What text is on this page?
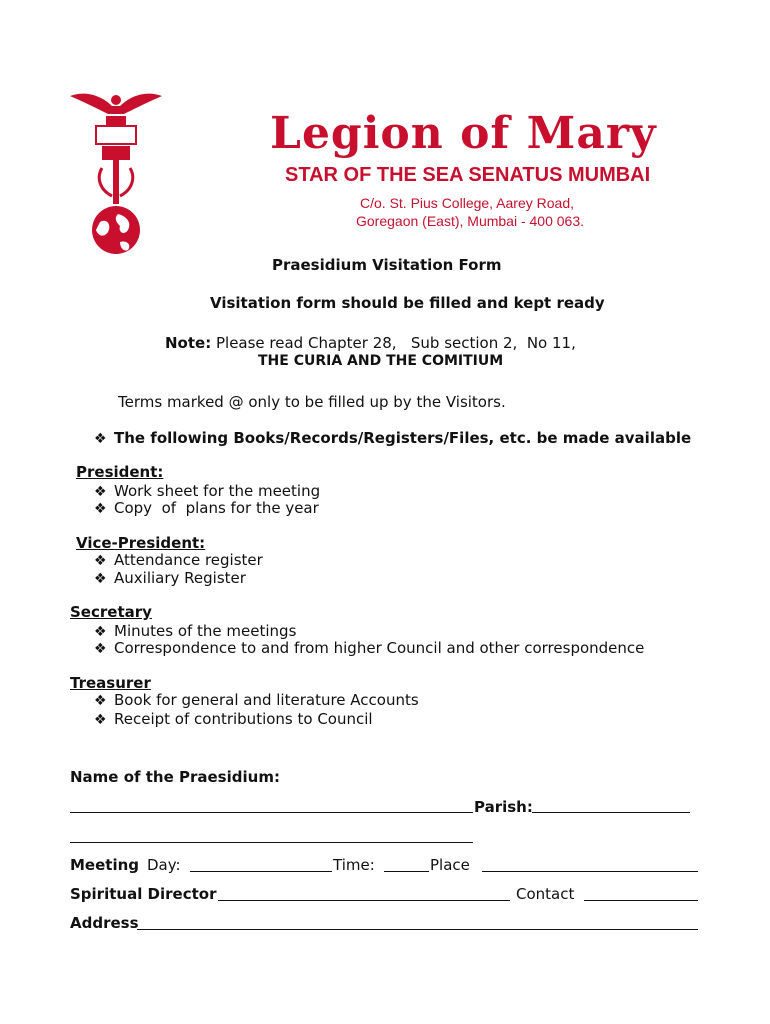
Legion of Mary
STAR OF THE SEA SENATUS MUMBAI
C/o. St. Pius College, Aarey Road,
Goregaon (East), Mumbai - 400 063.
Praesidium Visitation Form
Visitation form should be filled and kept ready
Note: Please read Chapter 28,   Sub section 2,  No 11,
THE CURIA AND THE COMITIUM
Terms marked @ only to be filled up by the Visitors.
❖ The following Books/Records/Registers/Files, etc. be made available
President:
❖ Work sheet for the meeting
❖ Copy  of  plans for the year
Vice-President:
❖ Attendance register
❖ Auxiliary Register
Secretary
❖ Minutes of the meetings
❖ Correspondence to and from higher Council and other correspondence
Treasurer
❖ Book for general and literature Accounts
❖ Receipt of contributions to Council
Name of the Praesidium:
Parish:
Meeting Day:	Time:	Place
Spiritual Director	Contact
Address
